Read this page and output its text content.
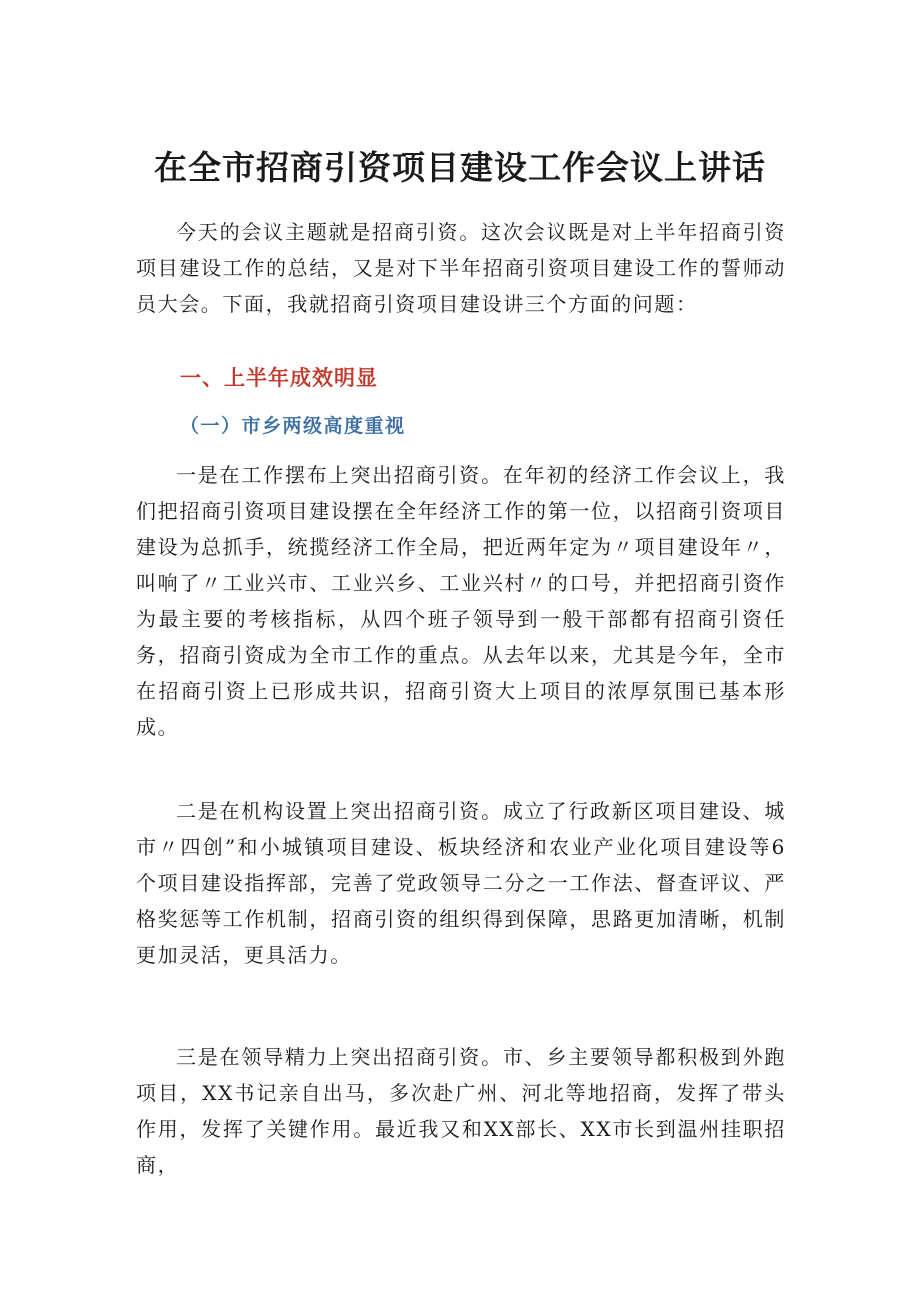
在全市招商引资项目建设工作会议上讲话

今天的会议主题就是招商引资。这次会议既是对上半年招商引资项目建设工作的总结，又是对下半年招商引资项目建设工作的誓师动员大会。下面，我就招商引资项目建设讲三个方面的问题：

一、上半年成效明显
（一）市乡两级高度重视

一是在工作摆布上突出招商引资。在年初的经济工作会议上，我们把招商引资项目建设摆在全年经济工作的第一位，以招商引资项目建设为总抓手，统揽经济工作全局，把近两年定为〃项目建设年〃，叫响了〃工业兴市、工业兴乡、工业兴村〃的口号，并把招商引资作为最主要的考核指标，从四个班子领导到一般干部都有招商引资任务，招商引资成为全市工作的重点。从去年以来，尤其是今年，全市在招商引资上已形成共识，招商引资大上项目的浓厚氛围已基本形成。

二是在机构设置上突出招商引资。成立了行政新区项目建设、城市〃四创”和小城镇项目建设、板块经济和农业产业化项目建设等6个项目建设指挥部，完善了党政领导二分之一工作法、督查评议、严格奖惩等工作机制，招商引资的组织得到保障，思路更加清晰，机制更加灵活，更具活力。

三是在领导精力上突出招商引资。市、乡主要领导都积极到外跑项目，XX书记亲自出马，多次赴广州、河北等地招商，发挥了带头作用，发挥了关键作用。最近我又和XX部长、XX市长到温州挂职招商，
